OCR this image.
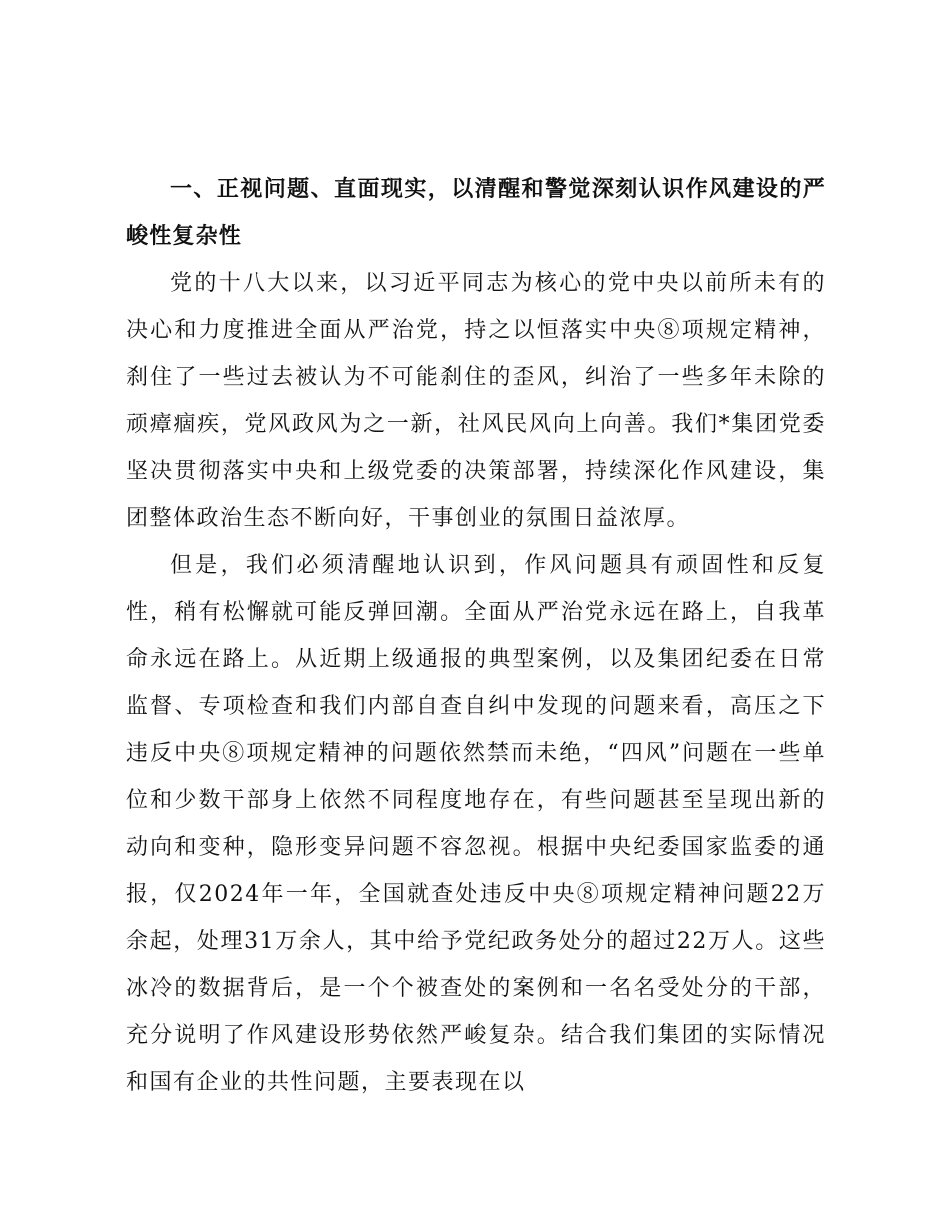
一、正视问题、直面现实，以清醒和警觉深刻认识作风建设的严峻性复杂性

党的十八大以来，以习近平同志为核心的党中央以前所未有的决心和力度推进全面从严治党，持之以恒落实中央⑧项规定精神，刹住了一些过去被认为不可能刹住的歪风，纠治了一些多年未除的顽瘴痼疾，党风政风为之一新，社风民风向上向善。我们*集团党委坚决贯彻落实中央和上级党委的决策部署，持续深化作风建设，集团整体政治生态不断向好，干事创业的氛围日益浓厚。

但是，我们必须清醒地认识到，作风问题具有顽固性和反复性，稍有松懈就可能反弹回潮。全面从严治党永远在路上，自我革命永远在路上。从近期上级通报的典型案例，以及集团纪委在日常监督、专项检查和我们内部自查自纠中发现的问题来看，高压之下违反中央⑧项规定精神的问题依然禁而未绝，“四风”问题在一些单位和少数干部身上依然不同程度地存在，有些问题甚至呈现出新的动向和变种，隐形变异问题不容忽视。根据中央纪委国家监委的通报，仅2024年一年，全国就查处违反中央⑧项规定精神问题22万余起，处理31万余人，其中给予党纪政务处分的超过22万人。这些冰冷的数据背后，是一个个被查处的案例和一名名受处分的干部，充分说明了作风建设形势依然严峻复杂。结合我们集团的实际情况和国有企业的共性问题，主要表现在以
